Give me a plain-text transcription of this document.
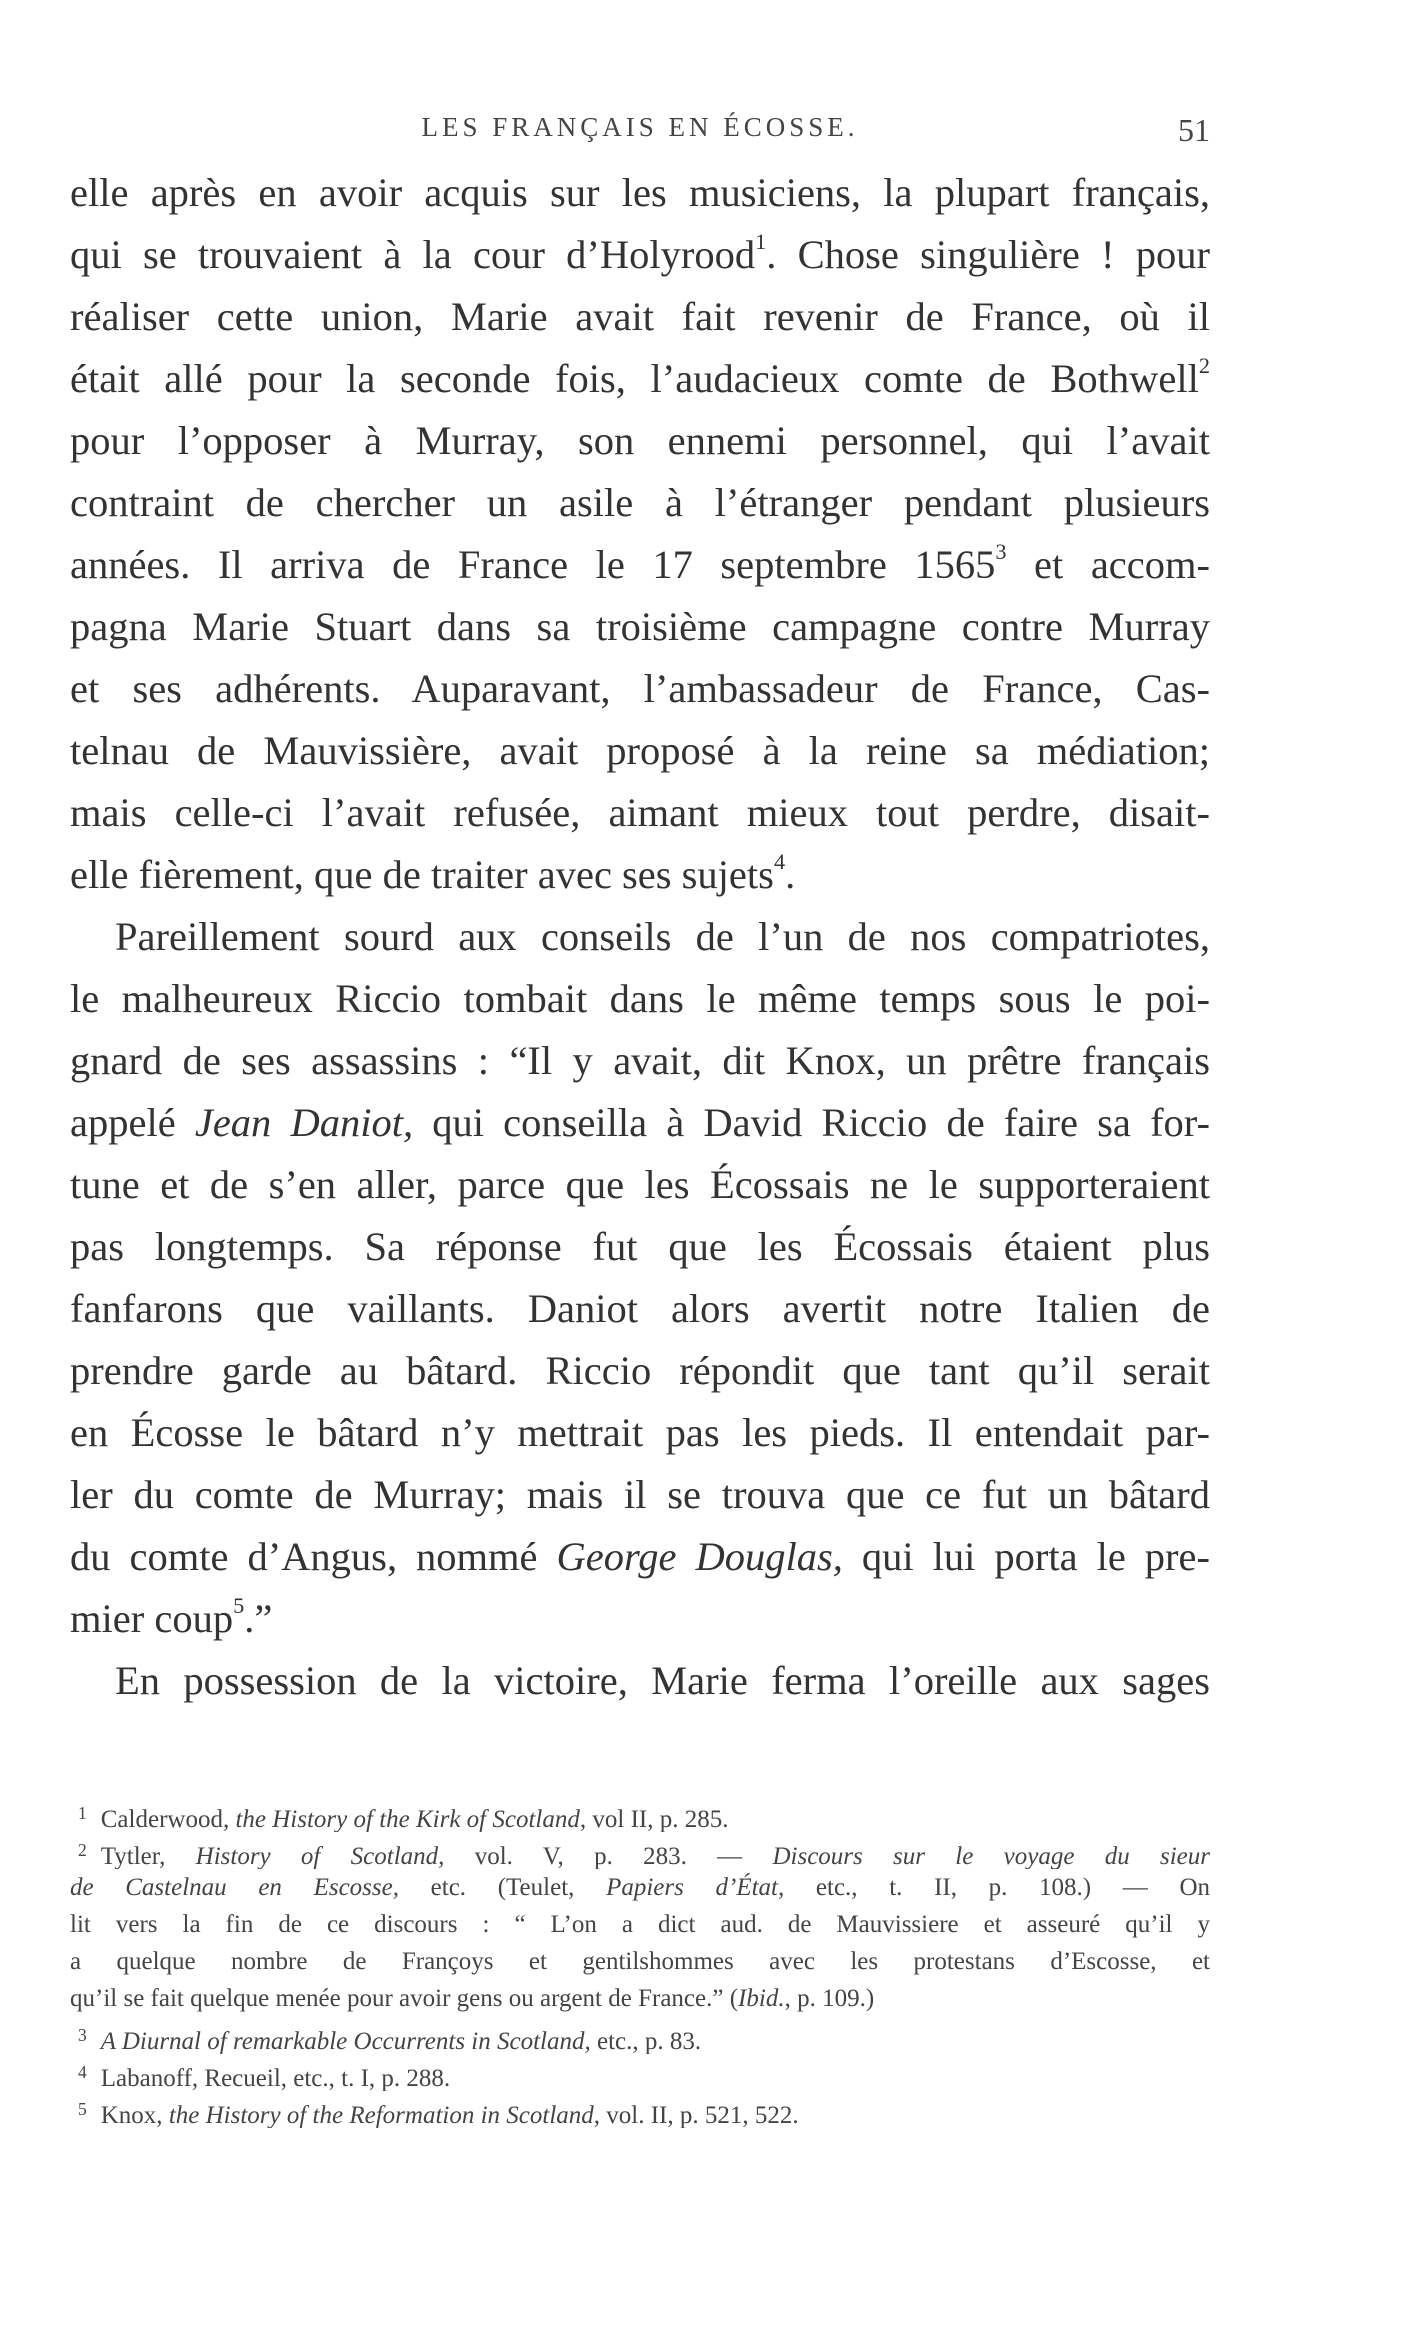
LES FRANÇAIS EN ÉCOSSE.	51
elle après en avoir acquis sur les musiciens, la plupart français,
qui se trouvaient à la cour d’Holyrood$^1$. Chose singulière ! pour
réaliser cette union, Marie avait fait revenir de France, où il
était allé pour la seconde fois, l’audacieux comte de Bothwell$^2$
pour l’opposer à Murray, son ennemi personnel, qui l’avait
contraint de chercher un asile à l’étranger pendant plusieurs
années. Il arriva de France le 17 septembre 1565$^3$ et accom-
pagna Marie Stuart dans sa troisième campagne contre Murray
et ses adhérents. Auparavant, l’ambassadeur de France, Cas-
telnau de Mauvissière, avait proposé à la reine sa médiation;
mais celle-ci l’avait refusée, aimant mieux tout perdre, disait-
elle fièrement, que de traiter avec ses sujets$^4$.
Pareillement sourd aux conseils de l’un de nos compatriotes,
le malheureux Riccio tombait dans le même temps sous le poi-
gnard de ses assassins : “Il y avait, dit Knox, un prêtre français
appelé Jean Daniot, qui conseilla à David Riccio de faire sa for-
tune et de s’en aller, parce que les Écossais ne le supporteraient
pas longtemps. Sa réponse fut que les Écossais étaient plus
fanfarons que vaillants. Daniot alors avertit notre Italien de
prendre garde au bâtard. Riccio répondit que tant qu’il serait
en Écosse le bâtard n’y mettrait pas les pieds. Il entendait par-
ler du comte de Murray; mais il se trouva que ce fut un bâtard
du comte d’Angus, nommé George Douglas, qui lui porta le pre-
mier coup$^5$.”
En possession de la victoire, Marie ferma l’oreille aux sages
$^1$ Calderwood, the History of the Kirk of Scotland, vol II, p. 285.
$^2$ Tytler, History of Scotland, vol. V, p. 283. — Discours sur le voyage du sieur
de Castelnau en Escosse, etc. (Teulet, Papiers d’État, etc., t. II, p. 108.) — On
lit vers la fin de ce discours : “ L’on a dict aud. de Mauvissiere et asseuré qu’il y
a quelque nombre de Françoys et gentilshommes avec les protestans d’Escosse, et
qu’il se fait quelque menée pour avoir gens ou argent de France.” (Ibid., p. 109.)
$^3$ A Diurnal of remarkable Occurrents in Scotland, etc., p. 83.
$^4$ Labanoff, Recueil, etc., t. I, p. 288.
$^5$ Knox, the History of the Reformation in Scotland, vol. II, p. 521, 522.
